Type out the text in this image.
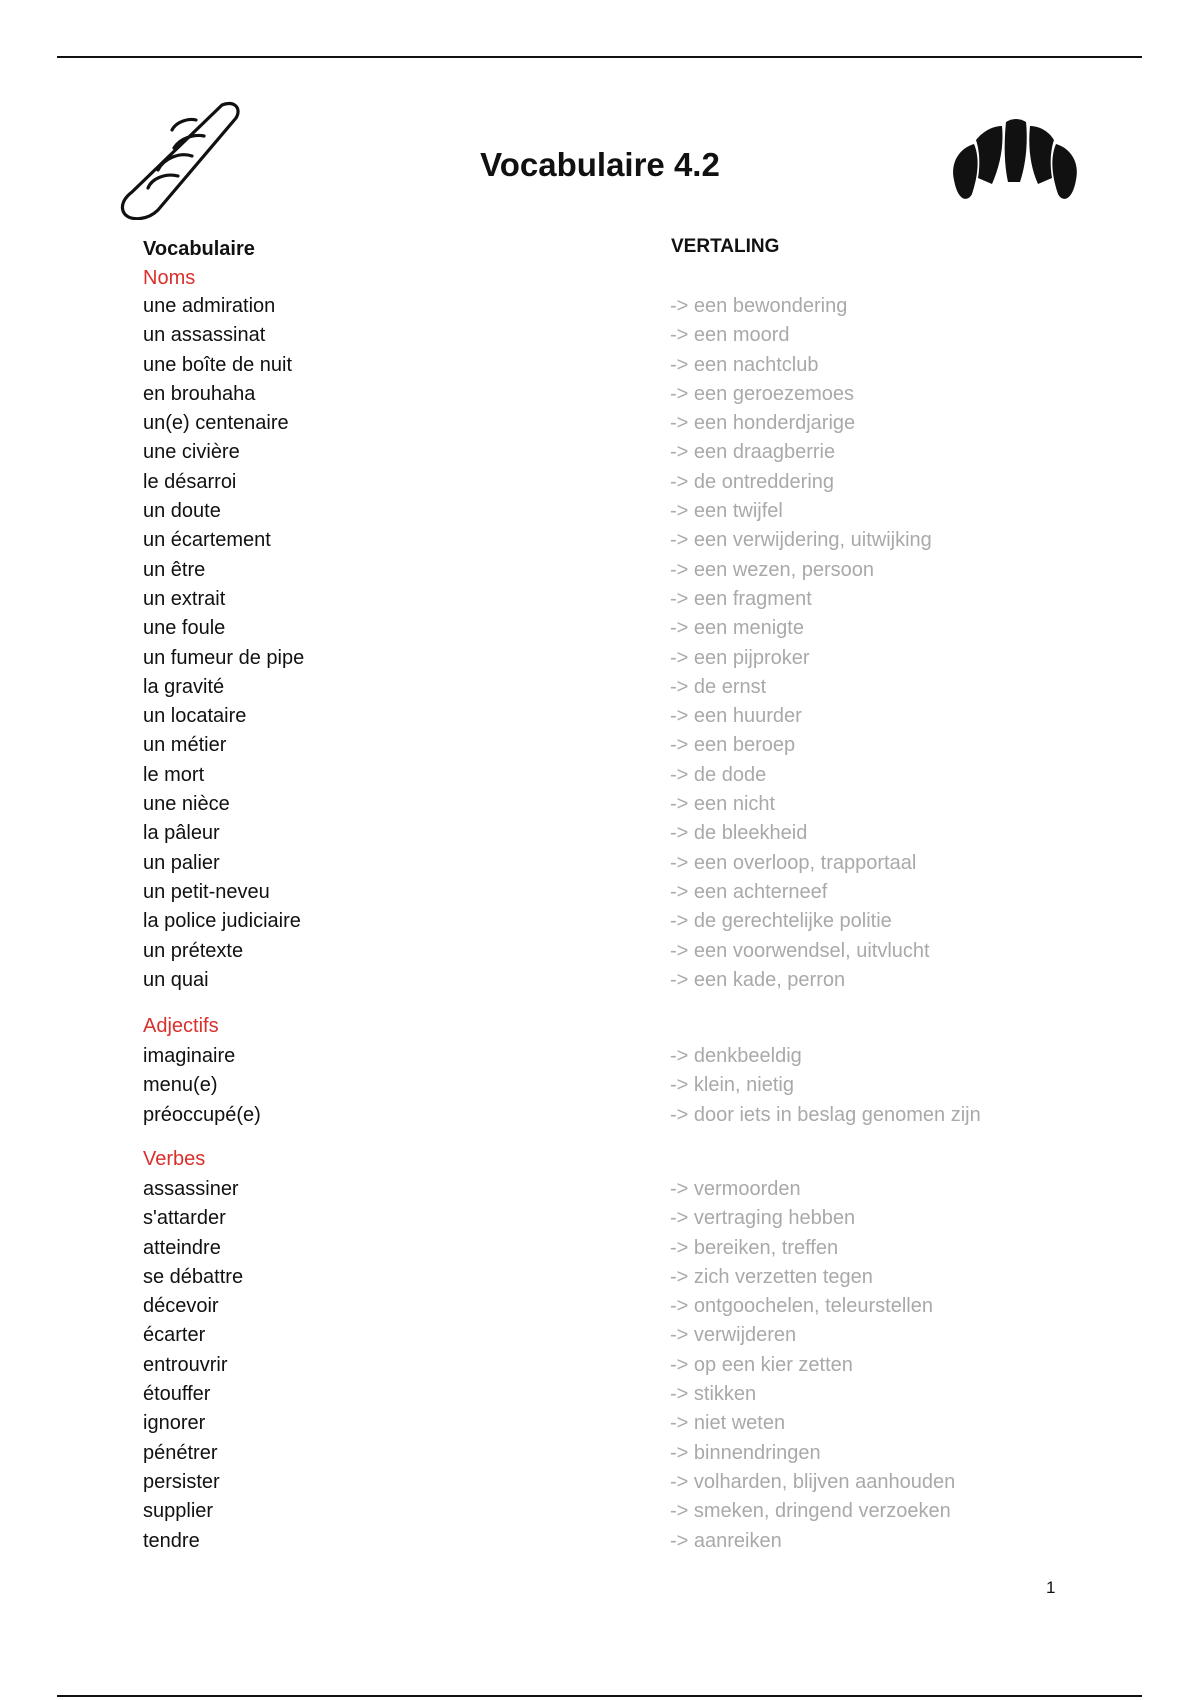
Vocabulaire 4.2
Vocabulaire	VERTALING
Noms
une admiration	-> een bewondering
un assassinat	-> een moord
une boîte de nuit	-> een nachtclub
en brouhaha	-> een geroezemoes
un(e) centenaire	-> een honderdjarige
une civière	-> een draagberrie
le désarroi	-> de ontreddering
un doute	-> een twijfel
un écartement	-> een verwijdering, uitwijking
un être	-> een wezen, persoon
un extrait	-> een fragment
une foule	-> een menigte
un fumeur de pipe	-> een pijproker
la gravité	-> de ernst
un locataire	-> een huurder
un métier	-> een beroep
le mort	-> de dode
une nièce	-> een nicht
la pâleur	-> de bleekheid
un palier	-> een overloop, trapportaal
un petit-neveu	-> een achterneef
la police judiciaire	-> de gerechtelijke politie
un prétexte	-> een voorwendsel, uitvlucht
un quai	-> een kade, perron
Adjectifs
imaginaire	-> denkbeeldig
menu(e)	-> klein, nietig
préoccupé(e)	-> door iets in beslag genomen zijn
Verbes
assassiner	-> vermoorden
s'attarder	-> vertraging hebben
atteindre	-> bereiken, treffen
se débattre	-> zich verzetten tegen
décevoir	-> ontgoochelen, teleurstellen
écarter	-> verwijderen
entrouvrir	-> op een kier zetten
étouffer	-> stikken
ignorer	-> niet weten
pénétrer	-> binnendringen
persister	-> volharden, blijven aanhouden
supplier	-> smeken, dringend verzoeken
tendre	-> aanreiken
1
